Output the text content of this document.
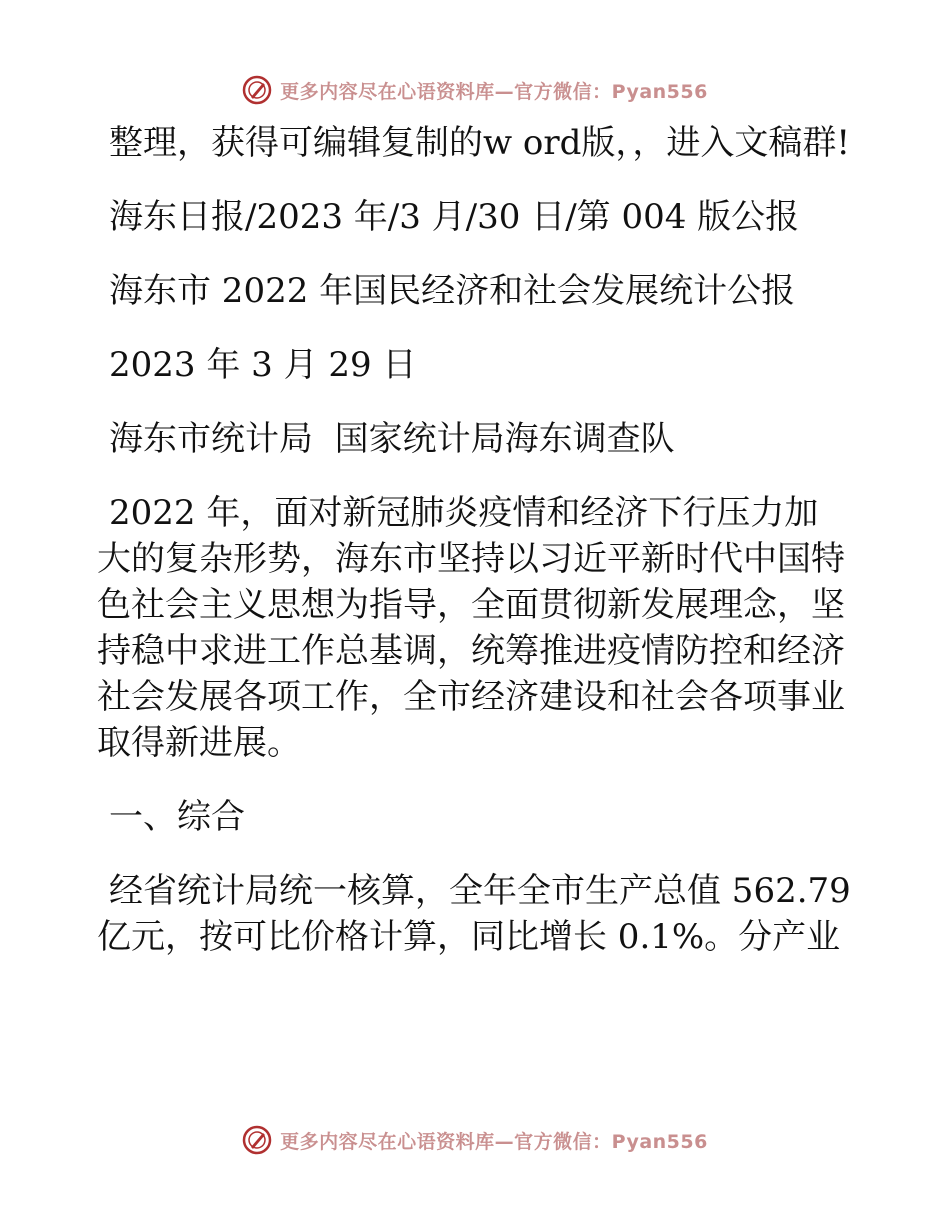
更多内容尽在心语资料库—官方微信：Pyan556

整理，获得可编辑复制的w ord版，，进入文稿群!

海东日报/2023 年/3 月/30 日/第 004 版公报

海东市 2022 年国民经济和社会发展统计公报

2023 年 3 月 29 日

海东市统计局  国家统计局海东调查队

2022 年，面对新冠肺炎疫情和经济下行压力加大的复杂形势，海东市坚持以习近平新时代中国特色社会主义思想为指导，全面贯彻新发展理念，坚持稳中求进工作总基调，统筹推进疫情防控和经济社会发展各项工作，全市经济建设和社会各项事业取得新进展。

一、综合

经省统计局统一核算，全年全市生产总值 562.79 亿元，按可比价格计算，同比增长 0.1%。分产业

更多内容尽在心语资料库—官方微信：Pyan556
